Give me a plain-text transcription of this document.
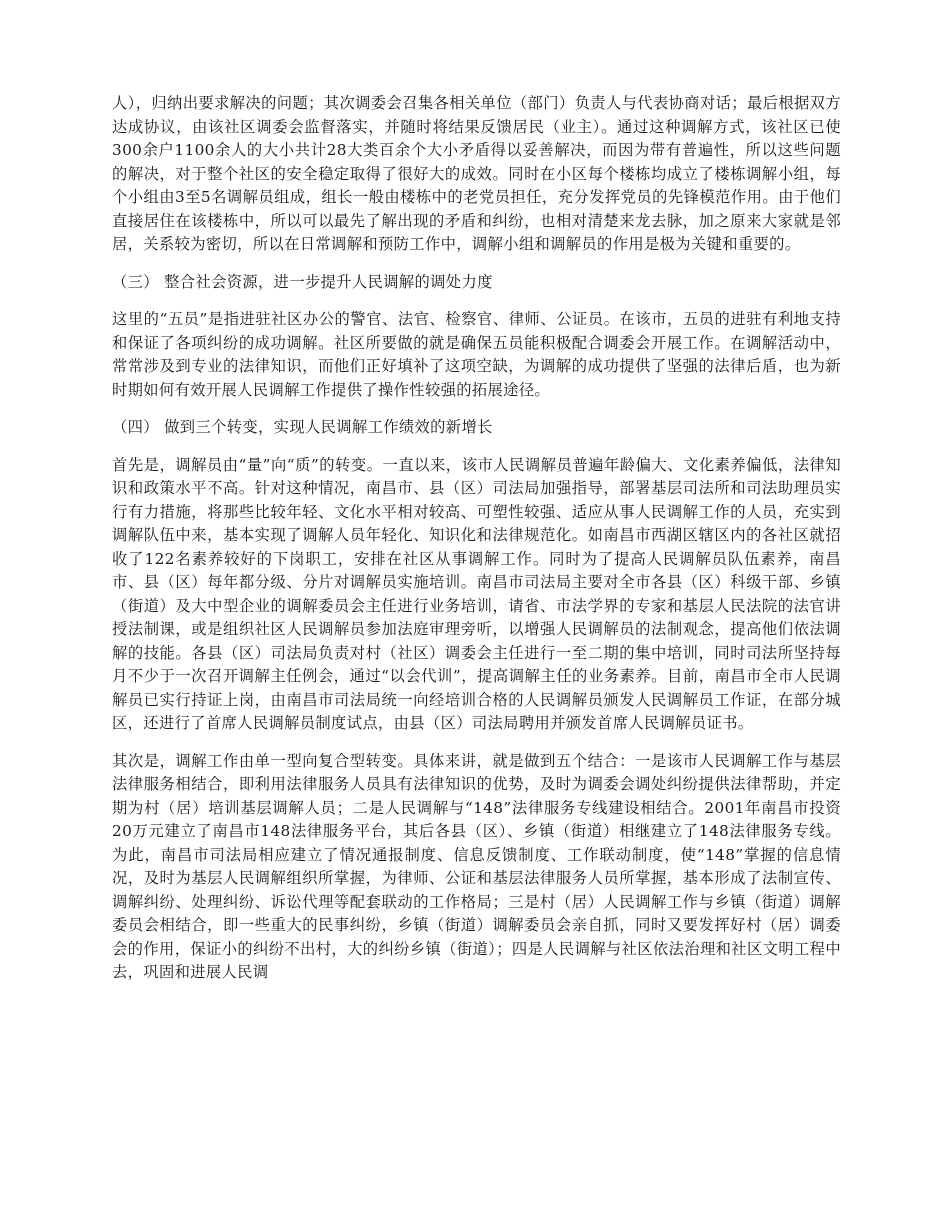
人），归纳出要求解决的问题；其次调委会召集各相关单位（部门）负责人与代表协商对话；最后根据双方达成协议，由该社区调委会监督落实，并随时将结果反馈居民（业主）。通过这种调解方式，该社区已使300余户1100余人的大小共计28大类百余个大小矛盾得以妥善解决，而因为带有普遍性，所以这些问题的解决，对于整个社区的安全稳定取得了很好大的成效。同时在小区每个楼栋均成立了楼栋调解小组，每个小组由3至5名调解员组成，组长一般由楼栋中的老党员担任，充分发挥党员的先锋模范作用。由于他们直接居住在该楼栋中，所以可以最先了解出现的矛盾和纠纷，也相对清楚来龙去脉，加之原来大家就是邻居，关系较为密切，所以在日常调解和预防工作中，调解小组和调解员的作用是极为关键和重要的。

（三） 整合社会资源，进一步提升人民调解的调处力度

这里的“五员”是指进驻社区办公的警官、法官、检察官、律师、公证员。在该市，五员的进驻有利地支持和保证了各项纠纷的成功调解。社区所要做的就是确保五员能积极配合调委会开展工作。在调解活动中，常常涉及到专业的法律知识，而他们正好填补了这项空缺，为调解的成功提供了坚强的法律后盾，也为新时期如何有效开展人民调解工作提供了操作性较强的拓展途径。

（四） 做到三个转变，实现人民调解工作绩效的新增长

首先是，调解员由“量”向“质”的转变。一直以来，该市人民调解员普遍年龄偏大、文化素养偏低，法律知识和政策水平不高。针对这种情况，南昌市、县（区）司法局加强指导，部署基层司法所和司法助理员实行有力措施，将那些比较年轻、文化水平相对较高、可塑性较强、适应从事人民调解工作的人员，充实到调解队伍中来，基本实现了调解人员年轻化、知识化和法律规范化。如南昌市西湖区辖区内的各社区就招收了122名素养较好的下岗职工，安排在社区从事调解工作。同时为了提高人民调解员队伍素养，南昌市、县（区）每年都分级、分片对调解员实施培训。南昌市司法局主要对全市各县（区）科级干部、乡镇（街道）及大中型企业的调解委员会主任进行业务培训，请省、市法学界的专家和基层人民法院的法官讲授法制课，或是组织社区人民调解员参加法庭审理旁听，以增强人民调解员的法制观念，提高他们依法调解的技能。各县（区）司法局负责对村（社区）调委会主任进行一至二期的集中培训，同时司法所坚持每月不少于一次召开调解主任例会，通过“以会代训”，提高调解主任的业务素养。目前，南昌市全市人民调解员已实行持证上岗，由南昌市司法局统一向经培训合格的人民调解员颁发人民调解员工作证，在部分城区，还进行了首席人民调解员制度试点，由县（区）司法局聘用并颁发首席人民调解员证书。

其次是，调解工作由单一型向复合型转变。具体来讲，就是做到五个结合：一是该市人民调解工作与基层法律服务相结合，即利用法律服务人员具有法律知识的优势，及时为调委会调处纠纷提供法律帮助，并定期为村（居）培训基层调解人员；二是人民调解与“148”法律服务专线建设相结合。2001年南昌市投资20万元建立了南昌市148法律服务平台，其后各县（区）、乡镇（街道）相继建立了148法律服务专线。为此，南昌市司法局相应建立了情况通报制度、信息反馈制度、工作联动制度，使“148”掌握的信息情况，及时为基层人民调解组织所掌握，为律师、公证和基层法律服务人员所掌握，基本形成了法制宣传、调解纠纷、处理纠纷、诉讼代理等配套联动的工作格局；三是村（居）人民调解工作与乡镇（街道）调解委员会相结合，即一些重大的民事纠纷，乡镇（街道）调解委员会亲自抓，同时又要发挥好村（居）调委会的作用，保证小的纠纷不出村，大的纠纷乡镇（街道）；四是人民调解与社区依法治理和社区文明工程中去，巩固和进展人民调
